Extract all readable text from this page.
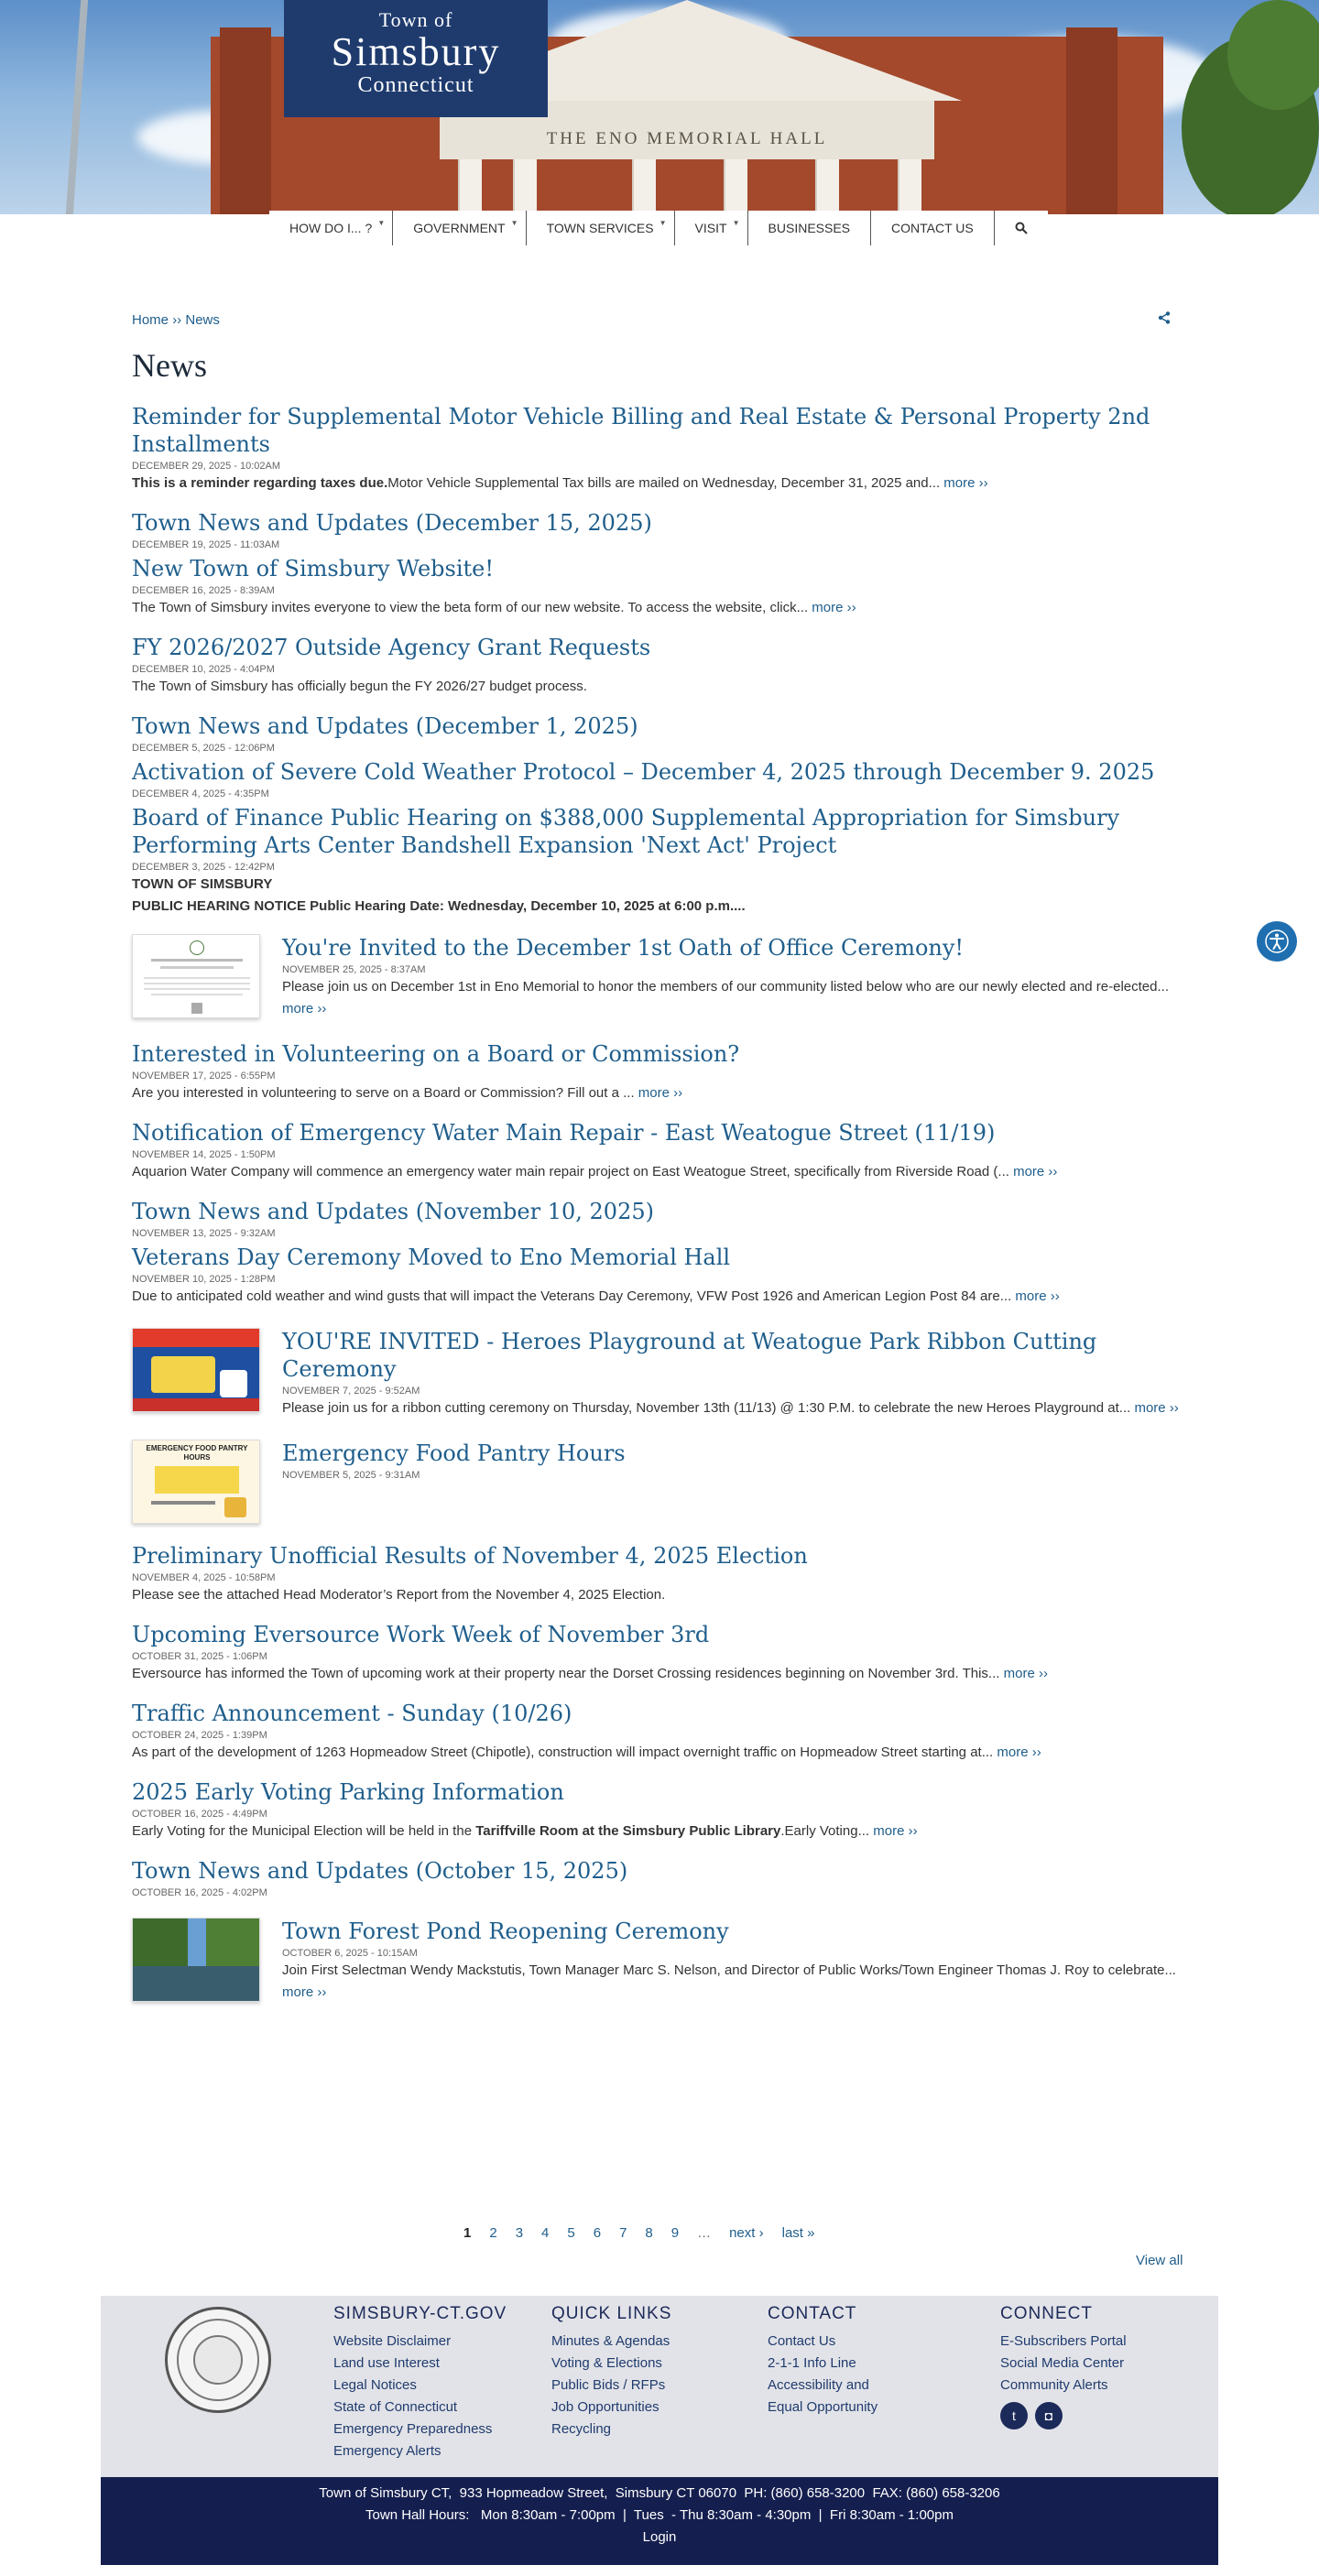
THE ENO MEMORIAL HALL
Town of
Simsbury
Connecticut
HOW DO I... ? ▼ GOVERNMENT ▼ TOWN SERVICES ▼ VISIT ▼ BUSINESSES	CONTACT US
Home ›› News
News
Reminder for Supplemental Motor Vehicle Billing and Real Estate & Personal Property 2nd Installments
DECEMBER 29, 2025 - 10:02AM
This is a reminder regarding taxes due.Motor Vehicle Supplemental Tax bills are mailed on Wednesday, December 31, 2025 and... more ››
Town News and Updates (December 15, 2025)
DECEMBER 19, 2025 - 11:03AM
New Town of Simsbury Website!
DECEMBER 16, 2025 - 8:39AM
The Town of Simsbury invites everyone to view the beta form of our new website. To access the website, click... more ››
FY 2026/2027 Outside Agency Grant Requests
DECEMBER 10, 2025 - 4:04PM
The Town of Simsbury has officially begun the FY 2026/27 budget process.
Town News and Updates (December 1, 2025)
DECEMBER 5, 2025 - 12:06PM
Activation of Severe Cold Weather Protocol – December 4, 2025 through December 9. 2025
DECEMBER 4, 2025 - 4:35PM
Board of Finance Public Hearing on $388,000 Supplemental Appropriation for Simsbury Performing Arts Center Bandshell Expansion 'Next Act' Project
DECEMBER 3, 2025 - 12:42PM
TOWN OF SIMSBURY
PUBLIC HEARING NOTICE Public Hearing Date: Wednesday, December 10, 2025 at 6:00 p.m....
You're Invited to the December 1st Oath of Office Ceremony!
NOVEMBER 25, 2025 - 8:37AM
Please join us on December 1st in Eno Memorial to honor the members of our community listed below who are our newly elected and re-elected... more ››
Interested in Volunteering on a Board or Commission?
NOVEMBER 17, 2025 - 6:55PM
Are you interested in volunteering to serve on a Board or Commission? Fill out a ... more ››
Notification of Emergency Water Main Repair - East Weatogue Street (11/19)
NOVEMBER 14, 2025 - 1:50PM
Aquarion Water Company will commence an emergency water main repair project on East Weatogue Street, specifically from Riverside Road (... more ››
Town News and Updates (November 10, 2025)
NOVEMBER 13, 2025 - 9:32AM
Veterans Day Ceremony Moved to Eno Memorial Hall
NOVEMBER 10, 2025 - 1:28PM
Due to anticipated cold weather and wind gusts that will impact the Veterans Day Ceremony, VFW Post 1926 and American Legion Post 84 are... more ››
YOU'RE INVITED - Heroes Playground at Weatogue Park Ribbon Cutting Ceremony
NOVEMBER 7, 2025 - 9:52AM
Please join us for a ribbon cutting ceremony on Thursday, November 13th (11/13) @ 1:30 P.M. to celebrate the new Heroes Playground at... more ››
EMERGENCY FOOD PANTRY HOURS	Emergency Food Pantry Hours
NOVEMBER 5, 2025 - 9:31AM
Preliminary Unofficial Results of November 4, 2025 Election
NOVEMBER 4, 2025 - 10:58PM
Please see the attached Head Moderator’s Report from the November 4, 2025 Election.
Upcoming Eversource Work Week of November 3rd
OCTOBER 31, 2025 - 1:06PM
Eversource has informed the Town of upcoming work at their property near the Dorset Crossing residences beginning on November 3rd. This... more ››
Traffic Announcement - Sunday (10/26)
OCTOBER 24, 2025 - 1:39PM
As part of the development of 1263 Hopmeadow Street (Chipotle), construction will impact overnight traffic on Hopmeadow Street starting at... more ››
2025 Early Voting Parking Information
OCTOBER 16, 2025 - 4:49PM
Early Voting for the Municipal Election will be held in the Tariffville Room at the Simsbury Public Library.Early Voting... more ››
Town News and Updates (October 15, 2025)
OCTOBER 16, 2025 - 4:02PM
Town Forest Pond Reopening Ceremony
OCTOBER 6, 2025 - 10:15AM
Join First Selectman Wendy Mackstutis, Town Manager Marc S. Nelson, and Director of Public Works/Town Engineer Thomas J. Roy to celebrate... more ››
1 2 3 4 5 6 7 8 9 … next › last »
View all
SIMSBURY-CT.GOV
Website Disclaimer
Land use Interest
Legal Notices
State of Connecticut
Emergency Preparedness
Emergency Alerts
QUICK LINKS
Minutes & Agendas
Voting & Elections
Public Bids / RFPs
Job Opportunities
Recycling
CONTACT
Contact Us
2-1-1 Info Line
Accessibility and
Equal Opportunity
CONNECT
E-Subscribers Portal
Social Media Center
Community Alerts
t	◘
Town of Simsbury CT,  933 Hopmeadow Street,  Simsbury CT 06070  PH: (860) 658-3200  FAX: (860) 658-3206
Town Hall Hours:   Mon 8:30am - 7:00pm  |  Tues  - Thu 8:30am - 4:30pm  |  Fri 8:30am - 1:00pm
Login
